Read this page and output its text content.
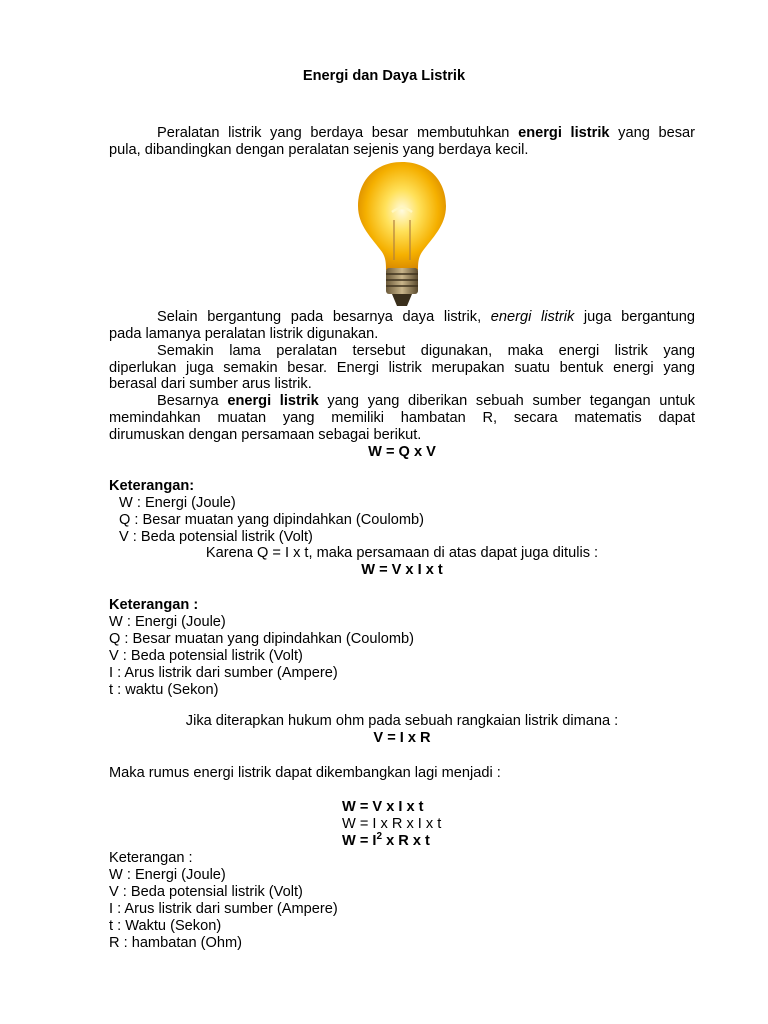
Energi dan Daya Listrik
Peralatan listrik yang berdaya besar membutuhkan energi listrik yang besar
pula, dibandingkan dengan peralatan sejenis yang berdaya kecil.
Selain bergantung pada besarnya daya listrik, energi listrik juga bergantung
pada lamanya peralatan listrik digunakan.
Semakin lama peralatan tersebut digunakan, maka energi listrik yang
diperlukan juga semakin besar. Energi listrik merupakan suatu bentuk energi yang
berasal dari sumber arus listrik.
Besarnya energi listrik yang yang diberikan sebuah sumber tegangan untuk
memindahkan muatan yang memiliki hambatan R, secara matematis dapat
dirumuskan dengan persamaan sebagai berikut.
W = Q x V
Keterangan:
W : Energi (Joule)
Q : Besar muatan yang dipindahkan (Coulomb)
V : Beda potensial listrik (Volt)
Karena Q = I x t, maka persamaan di atas dapat juga ditulis :
W = V x I x t
Keterangan :
W : Energi (Joule)
Q : Besar muatan yang dipindahkan (Coulomb)
V : Beda potensial listrik (Volt)
I : Arus listrik dari sumber (Ampere)
t : waktu (Sekon)
Jika diterapkan hukum ohm pada sebuah rangkaian listrik dimana :
V = I x R
Maka rumus energi listrik dapat dikembangkan lagi menjadi :
W = V x I x t
W = I x R x I x t
$W = I^2$ x R x t
Keterangan :
W : Energi (Joule)
V : Beda potensial listrik (Volt)
I : Arus listrik dari sumber (Ampere)
t : Waktu (Sekon)
R : hambatan (Ohm)
